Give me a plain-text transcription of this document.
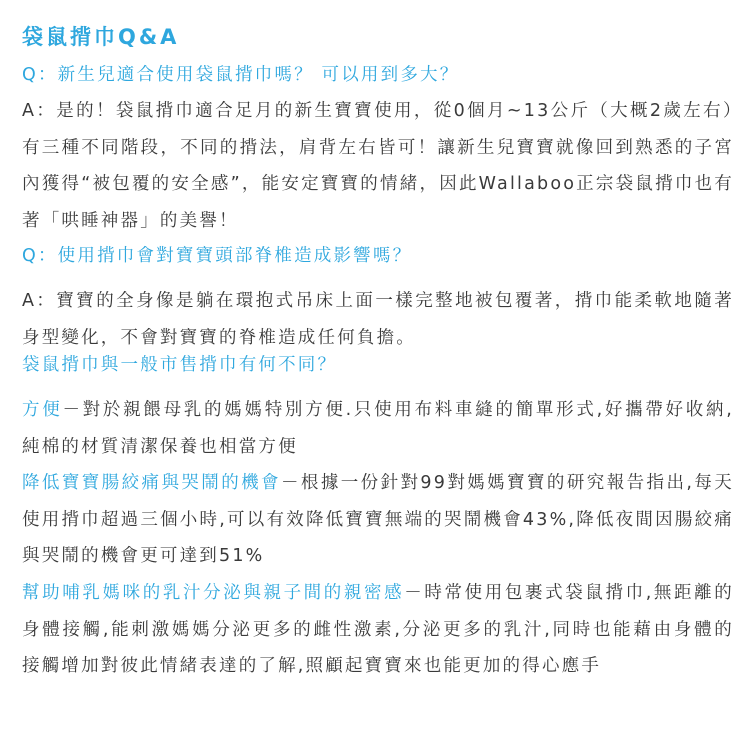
袋鼠揹巾Q&A
Q：新生兒適合使用袋鼠揹巾嗎？ 可以用到多大？
A：是的！袋鼠揹巾適合足月的新生寶寶使用，從0個月~13公斤（大概2歲左右）有三種不同階段，不同的揹法，肩背左右皆可！讓新生兒寶寶就像回到熟悉的子宮內獲得“被包覆的安全感”，能安定寶寶的情緒，因此Wallaboo正宗袋鼠揹巾也有著「哄睡神器」的美譽！
Q：使用揹巾會對寶寶頭部脊椎造成影響嗎？
A：寶寶的全身像是躺在環抱式吊床上面一樣完整地被包覆著，揹巾能柔軟地隨著身型變化，不會對寶寶的脊椎造成任何負擔。
袋鼠揹巾與一般市售揹巾有何不同？
方便－對於親餵母乳的媽媽特別方便.只使用布料車縫的簡單形式,好攜帶好收納,純棉的材質清潔保養也相當方便
降低寶寶腸絞痛與哭鬧的機會－根據一份針對99對媽媽寶寶的研究報告指出,每天使用揹巾超過三個小時,可以有效降低寶寶無端的哭鬧機會43%,降低夜間因腸絞痛與哭鬧的機會更可達到51%
幫助哺乳媽咪的乳汁分泌與親子間的親密感－時常使用包裹式袋鼠揹巾,無距離的身體接觸,能刺激媽媽分泌更多的雌性激素,分泌更多的乳汁,同時也能藉由身體的接觸增加對彼此情緒表達的了解,照顧起寶寶來也能更加的得心應手
